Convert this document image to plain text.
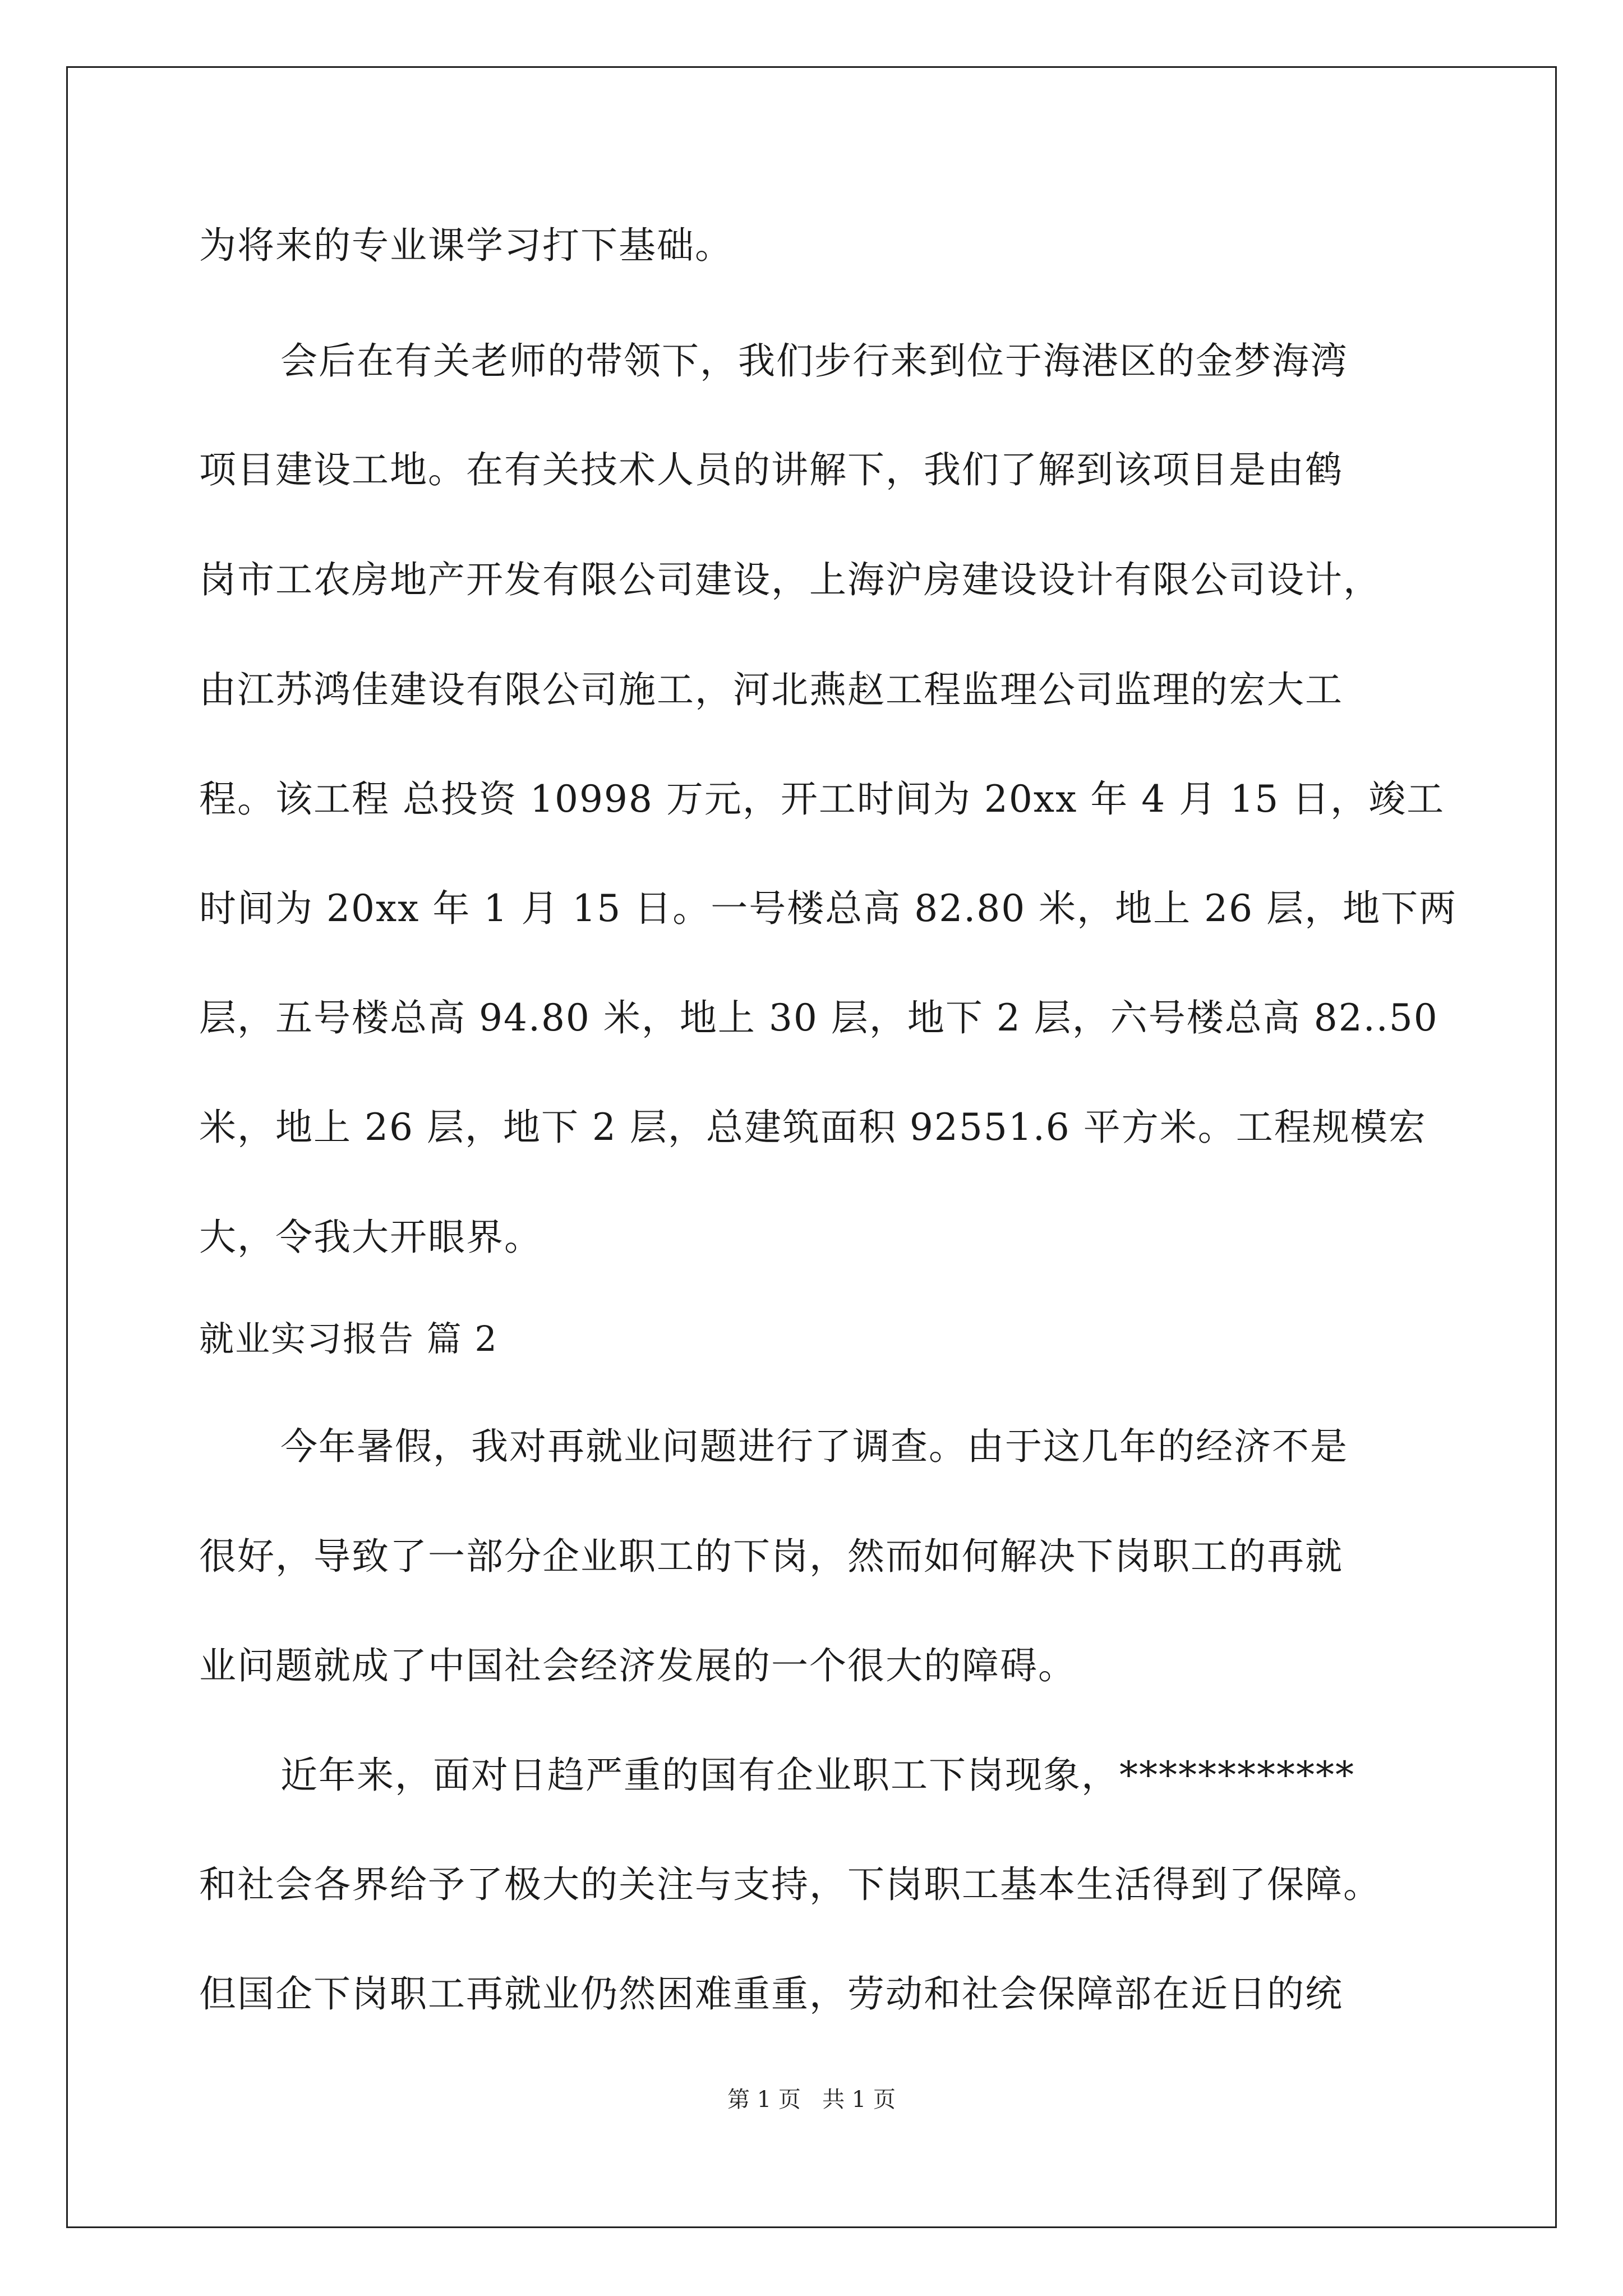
为将来的专业课学习打下基础。
会后在有关老师的带领下，我们步行来到位于海港区的金梦海湾
项目建设工地。在有关技术人员的讲解下，我们了解到该项目是由鹤
岗市工农房地产开发有限公司建设，上海沪房建设设计有限公司设计，
由江苏鸿佳建设有限公司施工，河北燕赵工程监理公司监理的宏大工
程。该工程 总投资 10998 万元，开工时间为 20xx 年 4 月 15 日，竣工
时间为 20xx 年 1 月 15 日。一号楼总高 82.80 米，地上 26 层，地下两
层，五号楼总高 94.80 米，地上 30 层，地下 2 层，六号楼总高 82..50
米，地上 26 层，地下 2 层，总建筑面积 92551.6 平方米。工程规模宏
大，令我大开眼界。
就业实习报告 篇 2
今年暑假，我对再就业问题进行了调查。由于这几年的经济不是
很好，导致了一部分企业职工的下岗，然而如何解决下岗职工的再就
业问题就成了中国社会经济发展的一个很大的障碍。
近年来，面对日趋严重的国有企业职工下岗现象，************
和社会各界给予了极大的关注与支持，下岗职工基本生活得到了保障。
但国企下岗职工再就业仍然困难重重，劳动和社会保障部在近日的统
第 1 页   共 1 页
